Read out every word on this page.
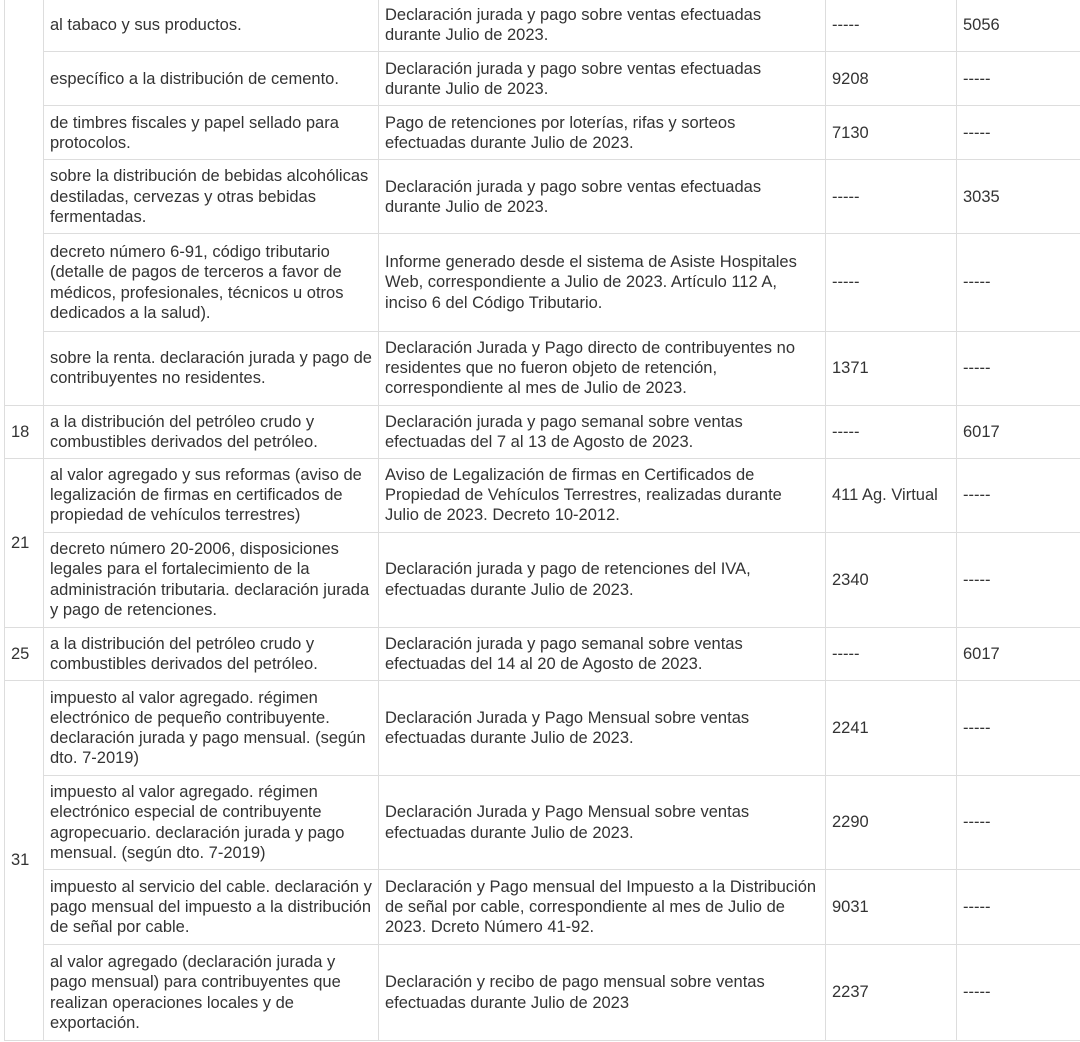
	al tabaco y sus productos.	Declaración jurada y pago sobre ventas efectuadas durante Julio de 2023.	-----	5056
	específico a la distribución de cemento.	Declaración jurada y pago sobre ventas efectuadas durante Julio de 2023.	9208	-----
	de timbres fiscales y papel sellado para protocolos.	Pago de retenciones por loterías, rifas y sorteos efectuadas durante Julio de 2023.	7130	-----
	sobre la distribución de bebidas alcohólicas destiladas, cervezas y otras bebidas fermentadas.	Declaración jurada y pago sobre ventas efectuadas durante Julio de 2023.	-----	3035
	decreto número 6-91, código tributario (detalle de pagos de terceros a favor de médicos, profesionales, técnicos u otros dedicados a la salud).	Informe generado desde el sistema de Asiste Hospitales Web, correspondiente a Julio de 2023. Artículo 112 A, inciso 6 del Código Tributario.	-----	-----
	sobre la renta. declaración jurada y pago de contribuyentes no residentes.	Declaración Jurada y Pago directo de contribuyentes no residentes que no fueron objeto de retención, correspondiente al mes de Julio de 2023.	1371	-----
18	a la distribución del petróleo crudo y combustibles derivados del petróleo.	Declaración jurada y pago semanal sobre ventas efectuadas del 7 al 13 de Agosto de 2023.	-----	6017
21	al valor agregado y sus reformas (aviso de legalización de firmas en certificados de propiedad de vehículos terrestres)	Aviso de Legalización de firmas en Certificados de Propiedad de Vehículos Terrestres, realizadas durante Julio de 2023. Decreto 10-2012.	411 Ag. Virtual	-----
	decreto número 20-2006, disposiciones legales para el fortalecimiento de la administración tributaria. declaración jurada y pago de retenciones.	Declaración jurada y pago de retenciones del IVA, efectuadas durante Julio de 2023.	2340	-----
25	a la distribución del petróleo crudo y combustibles derivados del petróleo.	Declaración jurada y pago semanal sobre ventas efectuadas del 14 al 20 de Agosto de 2023.	-----	6017
31	impuesto al valor agregado. régimen electrónico de pequeño contribuyente. declaración jurada y pago mensual. (según dto. 7-2019)	Declaración Jurada y Pago Mensual sobre ventas efectuadas durante Julio de 2023.	2241	-----
	impuesto al valor agregado. régimen electrónico especial de contribuyente agropecuario. declaración jurada y pago mensual. (según dto. 7-2019)	Declaración Jurada y Pago Mensual sobre ventas efectuadas durante Julio de 2023.	2290	-----
	impuesto al servicio del cable. declaración y pago mensual del impuesto a la distribución de señal por cable.	Declaración y Pago mensual del Impuesto a la Distribución de señal por cable, correspondiente al mes de Julio de 2023. Dcreto Número 41-92.	9031	-----
	al valor agregado (declaración jurada y pago mensual) para contribuyentes que realizan operaciones locales y de exportación.	Declaración y recibo de pago mensual sobre ventas efectuadas durante Julio de 2023	2237	-----
